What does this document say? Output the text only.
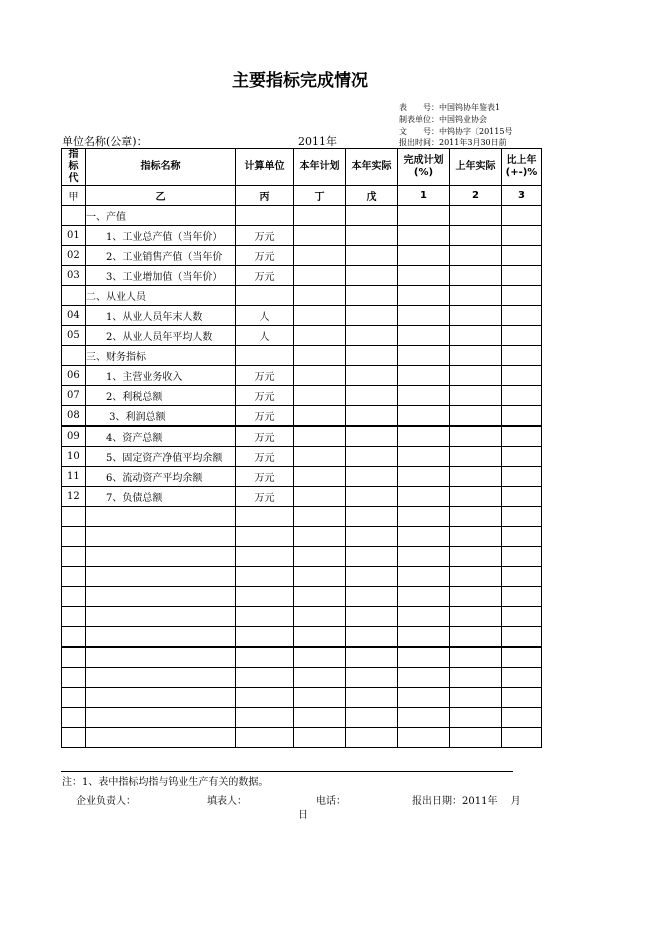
主要指标完成情况
表　　号：中国钨协年鉴表1
制表单位：中国钨业协会
文　　号：中钨协字〔20115号
报出时间：2011年3月30日前
单位名称(公章)：	2011年
指
标
代	指标名称	计算单位	本年计划	本年实际	完成计划(%)	上年实际	比上年(+-)%
甲	乙	丙	丁	戊	1	2	3
	一、产值						
01	　　1、工业总产值（当年价）	万元					
02	　　2、工业销售产值（当年价	万元					
03	　　3、工业增加值（当年价）	万元					
	二、从业人员						
04	　　1、从业人员年末人数	人					
05	　　2、从业人员年平均人数	人					
	三、财务指标						
06	　　1、主营业务收入	万元					
07	　　2、利税总额	万元					
08	　　 3、利润总额	万元					
09	　　4、资产总额	万元					
10	　　5、固定资产净值平均余额	万元					
11	　　6、流动资产平均余额	万元					
12	　　7、负债总额	万元					

注：1、表中指标均指与钨业生产有关的数据。
企业负责人：	填表人：	电话：	报出日期：2011年　 月
日
